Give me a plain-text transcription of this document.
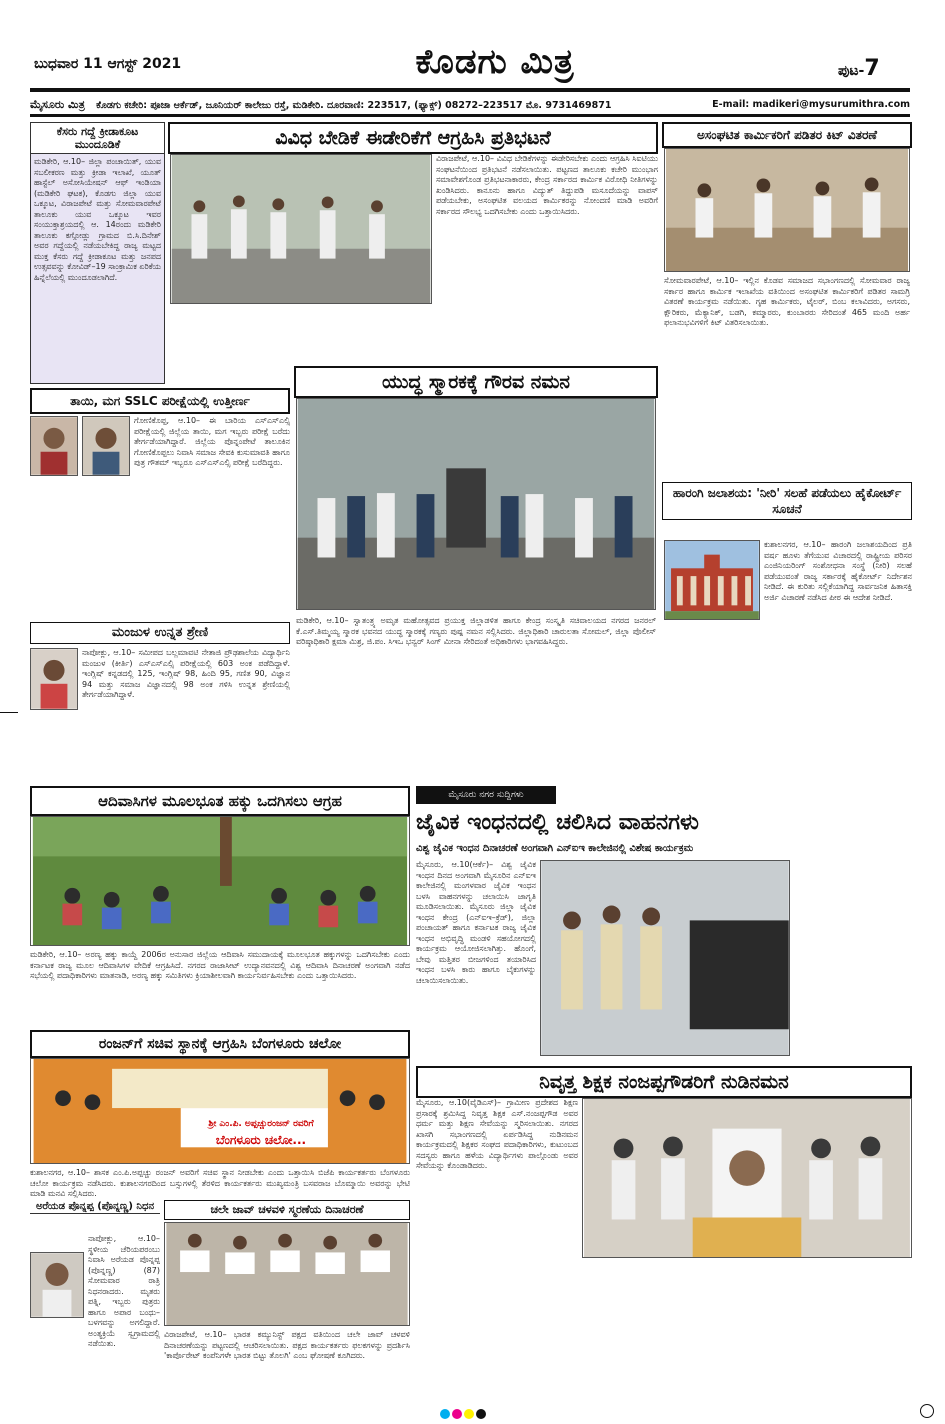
ಬುಧವಾರ 11 ಆಗಸ್ಟ್ 2021	ಕೊಡಗು ಮಿತ್ರ	ಪುಟ-7
ಮೈಸೂರು ಮಿತ್ರ ಕೊಡಗು ಕಚೇರಿ: ಪೂಜಾ ಆರ್ಕೆಡ್, ಜೂನಿಯರ್ ಕಾಲೇಜು ರಸ್ತೆ, ಮಡಿಕೇರಿ. ದೂರವಾಣಿ: 223517, (ಫ್ಯಾಕ್ಸ್) 08272–223517 ಮೊ. 9731469871	E-mail: madikeri@mysurumithra.com
ಕೆಸರು ಗದ್ದೆ ಕ್ರೀಡಾಕೂಟ ಮುಂದೂಡಿಕೆ
ಮಡಿಕೇರಿ, ಆ.10– ಜಿಲ್ಲಾ ಪಂಚಾಯಿತ್, ಯುವ ಸಬಲೀಕರಣ ಮತ್ತು ಕ್ರೀಡಾ ಇಲಾಖೆ, ಯೂತ್ ಹಾಸ್ಟೆಲ್ ಅಸೋಸಿಯೇಷನ್ ಆಫ್ ಇಂಡಿಯಾ (ಮಡಿಕೇರಿ ಘಟಕ), ಕೊಡಗು ಜಿಲ್ಲಾ ಯುವ ಒಕ್ಕೂಟ, ವಿರಾಜಪೇಟೆ ಮತ್ತು ಸೋಮವಾರಪೇಟೆ ತಾಲೂಕು ಯುವ ಒಕ್ಕೂಟ ಇವರ ಸಂಯುಕ್ತಾಶ್ರಯದಲ್ಲಿ ಆ. 14ರಂದು ಮಡಿಕೇರಿ ತಾಲೂಕು ಕಗ್ಗೋಡ್ಲು ಗ್ರಾಮದ ಬಿ.ಸಿ.ದಿನೇಶ್ ಅವರ ಗದ್ದೆಯಲ್ಲಿ ನಡೆಯಬೇಕಿದ್ದ ರಾಜ್ಯ ಮಟ್ಟದ ಮುಕ್ತ ಕೆಸರು ಗದ್ದೆ ಕ್ರೀಡಾಕೂಟ ಮತ್ತು ಜನಪದ ಉತ್ಸವವನ್ನು ಕೋವಿಡ್–19 ಸಾಂಕ್ರಾಮಿಕ ಏರಿಕೆಯ ಹಿನ್ನೆಲೆಯಲ್ಲಿ ಮುಂದೂಡಲಾಗಿದೆ.
ತಾಯಿ, ಮಗ SSLC ಪರೀಕ್ಷೆಯಲ್ಲಿ ಉತ್ತೀರ್ಣ
ಗೋಣಿಕೊಪ್ಪ, ಆ.10– ಈ ಬಾರಿಯ ಎಸ್ಎಸ್ಎಲ್ಸಿ ಪರೀಕ್ಷೆಯಲ್ಲಿ ಜಿಲ್ಲೆಯ ತಾಯಿ, ಮಗ ಇಬ್ಬರು ಪರೀಕ್ಷೆ ಬರೆದು ತೇರ್ಗಡೆಯಾಗಿದ್ದಾರೆ. ಜಿಲ್ಲೆಯ ಪೊನ್ನಂಪೇಟೆ ತಾಲೂಕಿನ ಗೋಣಿಕೊಪ್ಪಲು ನಿವಾಸಿ ಸಮಾಜ ಸೇವಕಿ ಕುಸುಮಾವತಿ ಹಾಗೂ ಪುತ್ರ ಗೌತಮ್ ಇಬ್ಬರೂ ಎಸ್ಎಸ್ಎಲ್ಸಿ ಪರೀಕ್ಷೆ ಬರೆದಿದ್ದರು.
ಮಂಜುಳ ಉನ್ನತ ಶ್ರೇಣಿ
ನಾಪೋಕ್ಲು, ಆ.10– ಸಮೀಪದ ಬಲ್ಲಮಾವಟಿ ನೇತಾಜಿ ಪ್ರೌಢಶಾಲೆಯ ವಿದ್ಯಾರ್ಥಿನಿ ಮಂಜುಳ (ಕೀರ್ತಿ) ಎಸ್ಎಸ್ಎಲ್ಸಿ ಪರೀಕ್ಷೆಯಲ್ಲಿ 603 ಅಂಕ ಪಡೆದಿದ್ದಾಳೆ. ಇಂಗ್ಲಿಷ್ ಕನ್ನಡದಲ್ಲಿ 125, ಇಂಗ್ಲಿಷ್ 98, ಹಿಂದಿ 95, ಗಣಿತ 90, ವಿಜ್ಞಾನ 94 ಮತ್ತು ಸಮಾಜ ವಿಜ್ಞಾನದಲ್ಲಿ 98 ಅಂಕ ಗಳಿಸಿ ಉನ್ನತ ಶ್ರೇಣಿಯಲ್ಲಿ ತೇರ್ಗಡೆಯಾಗಿದ್ದಾಳೆ.
ವಿವಿಧ ಬೇಡಿಕೆ ಈಡೇರಿಕೆಗೆ ಆಗ್ರಹಿಸಿ ಪ್ರತಿಭಟನೆ
ವಿರಾಜಪೇಟೆ, ಆ.10– ವಿವಿಧ ಬೇಡಿಕೆಗಳನ್ನು ಈಡೇರಿಸಬೇಕು ಎಂದು ಆಗ್ರಹಿಸಿ ಸಿಐಟಿಯು ಸಂಘಟನೆಯಿಂದ ಪ್ರತಿಭಟನೆ ನಡೆಸಲಾಯಿತು. ಪಟ್ಟಣದ ತಾಲೂಕು ಕಚೇರಿ ಮುಂಭಾಗ ಸಮಾವೇಶಗೊಂಡ ಪ್ರತಿಭಟನಾಕಾರರು, ಕೇಂದ್ರ ಸರ್ಕಾರದ ಕಾರ್ಮಿಕ ವಿರೋಧಿ ನೀತಿಗಳನ್ನು ಖಂಡಿಸಿದರು. ಕಾನೂನು ಹಾಗೂ ವಿದ್ಯುತ್ ತಿದ್ದುಪಡಿ ಮಸೂದೆಯನ್ನು ವಾಪಸ್ ಪಡೆಯಬೇಕು, ಅಸಂಘಟಿತ ವಲಯದ ಕಾರ್ಮಿಕರನ್ನು ನೋಂದಣಿ ಮಾಡಿ ಅವರಿಗೆ ಸರ್ಕಾರದ ಸೌಲಭ್ಯ ಒದಗಿಸಬೇಕು ಎಂದು ಒತ್ತಾಯಿಸಿದರು.
ಅಸಂಘಟಿತ ಕಾರ್ಮಿಕರಿಗೆ ಪಡಿತರ ಕಿಟ್ ವಿತರಣೆ
ಸೋಮವಾರಪೇಟೆ, ಆ.10– ಇಲ್ಲಿನ ಕೊಡವ ಸಮಾಜದ ಸಭಾಂಗಣದಲ್ಲಿ ಸೋಮವಾರ ರಾಜ್ಯ ಸರ್ಕಾರ ಹಾಗೂ ಕಾರ್ಮಿಕ ಇಲಾಖೆಯ ವತಿಯಿಂದ ಅಸಂಘಟಿತ ಕಾರ್ಮಿಕರಿಗೆ ಪಡಿತರ ಸಾಮಗ್ರಿ ವಿತರಣೆ ಕಾರ್ಯಕ್ರಮ ನಡೆಯಿತು. ಗೃಹ ಕಾರ್ಮಿಕರು, ಟೈಲರ್, ಬಿಂಬ ಕಲಾವಿದರು, ಅಗಸರು, ಕ್ಷೌರಿಕರು, ಮೆಕ್ಯಾನಿಕ್, ಬಡಗಿ, ಕಮ್ಮಾರರು, ಕುಂಬಾರರು ಸೇರಿದಂತೆ 465 ಮಂದಿ ಅರ್ಹ ಫಲಾನುಭವಿಗಳಿಗೆ ಕಿಟ್ ವಿತರಿಸಲಾಯಿತು.
ಯುದ್ಧ ಸ್ಮಾರಕಕ್ಕೆ ಗೌರವ ನಮನ
ಮಡಿಕೇರಿ, ಆ.10– ಸ್ವಾತಂತ್ರ್ಯ ಅಮೃತ ಮಹೋತ್ಸವದ ಪ್ರಯುಕ್ತ ಜಿಲ್ಲಾಡಳಿತ ಹಾಗೂ ಕೇಂದ್ರ ಸಂಸ್ಕೃತಿ ಸಚಿವಾಲಯದ ನಗರದ ಜನರಲ್ ಕೆ.ಎಸ್.ತಿಮ್ಮಯ್ಯ ಸ್ಮಾರಕ ಭವನದ ಯುದ್ಧ ಸ್ಮಾರಕಕ್ಕೆ ಗಣ್ಯರು ಪುಷ್ಪ ನಮನ ಸಲ್ಲಿಸಿದರು. ಜಿಲ್ಲಾಧಿಕಾರಿ ಚಾರುಲತಾ ಸೋಮಲ್, ಜಿಲ್ಲಾ ಪೊಲೀಸ್ ವರಿಷ್ಠಾಧಿಕಾರಿ ಕ್ಷಮಾ ಮಿಶ್ರ, ಜಿ.ಪಂ. ಸಿಇಒ ಭನ್ವರ್ ಸಿಂಗ್ ಮೀನಾ ಸೇರಿದಂತೆ ಅಧಿಕಾರಿಗಳು ಭಾಗವಹಿಸಿದ್ದರು.
ಹಾರಂಗಿ ಜಲಾಶಯ: 'ನೀರಿ' ಸಲಹೆ ಪಡೆಯಲು ಹೈಕೋರ್ಟ್ ಸೂಚನೆ
ಕುಶಾಲನಗರ, ಆ.10– ಹಾರಂಗಿ ಜಲಾಶಯದಿಂದ ಪ್ರತಿ ವರ್ಷ ಹೂಳು ತೆಗೆಯುವ ವಿಚಾರದಲ್ಲಿ ರಾಷ್ಟ್ರೀಯ ಪರಿಸರ ಎಂಜಿನಿಯರಿಂಗ್ ಸಂಶೋಧನಾ ಸಂಸ್ಥೆ (ನೀರಿ) ಸಲಹೆ ಪಡೆಯುವಂತೆ ರಾಜ್ಯ ಸರ್ಕಾರಕ್ಕೆ ಹೈಕೋರ್ಟ್ ನಿರ್ದೇಶನ ನೀಡಿದೆ. ಈ ಕುರಿತು ಸಲ್ಲಿಕೆಯಾಗಿದ್ದ ಸಾರ್ವಜನಿಕ ಹಿತಾಸಕ್ತಿ ಅರ್ಜಿ ವಿಚಾರಣೆ ನಡೆಸಿದ ಪೀಠ ಈ ಆದೇಶ ನೀಡಿದೆ.
ಆದಿವಾಸಿಗಳ ಮೂಲಭೂತ ಹಕ್ಕು ಒದಗಿಸಲು ಆಗ್ರಹ
ಮಡಿಕೇರಿ, ಆ.10– ಅರಣ್ಯ ಹಕ್ಕು ಕಾಯ್ದೆ 2006ರ ಅನುಸಾರ ಜಿಲ್ಲೆಯ ಆದಿವಾಸಿ ಸಮುದಾಯಕ್ಕೆ ಮೂಲಭೂತ ಹಕ್ಕುಗಳನ್ನು ಒದಗಿಸಬೇಕು ಎಂದು ಕರ್ನಾಟಕ ರಾಜ್ಯ ಮೂಲ ಆದಿವಾಸಿಗಳ ವೇದಿಕೆ ಆಗ್ರಹಿಸಿದೆ. ನಗರದ ರಾಜಾಸೀಟ್ ಉದ್ಯಾನವನದಲ್ಲಿ ವಿಶ್ವ ಆದಿವಾಸಿ ದಿನಾಚರಣೆ ಅಂಗವಾಗಿ ನಡೆದ ಸಭೆಯಲ್ಲಿ ಪದಾಧಿಕಾರಿಗಳು ಮಾತನಾಡಿ, ಅರಣ್ಯ ಹಕ್ಕು ಸಮಿತಿಗಳು ಕ್ರಿಯಾಶೀಲವಾಗಿ ಕಾರ್ಯನಿರ್ವಹಿಸಬೇಕು ಎಂದು ಒತ್ತಾಯಿಸಿದರು.
ರಂಜನ್‌ಗೆ ಸಚಿವ ಸ್ಥಾನಕ್ಕೆ ಆಗ್ರಹಿಸಿ ಬೆಂಗಳೂರು ಚಲೋ
ಶ್ರೀ ಎಂ.ಪಿ. ಅಪ್ಪಚ್ಚುರಂಜನ್ ರವರಿಗೆ
ಬೆಂಗಳೂರು ಚಲೋ...
ಕುಶಾಲನಗರ, ಆ.10– ಶಾಸಕ ಎಂ.ಪಿ.ಅಪ್ಪಚ್ಚು ರಂಜನ್ ಅವರಿಗೆ ಸಚಿವ ಸ್ಥಾನ ನೀಡಬೇಕು ಎಂದು ಒತ್ತಾಯಿಸಿ ಬಿಜೆಪಿ ಕಾರ್ಯಕರ್ತರು ಬೆಂಗಳೂರು ಚಲೋ ಕಾರ್ಯಕ್ರಮ ನಡೆಸಿದರು. ಕುಶಾಲನಗರದಿಂದ ಬಸ್ಸುಗಳಲ್ಲಿ ತೆರಳಿದ ಕಾರ್ಯಕರ್ತರು ಮುಖ್ಯಮಂತ್ರಿ ಬಸವರಾಜ ಬೊಮ್ಮಾಯಿ ಅವರನ್ನು ಭೇಟಿ ಮಾಡಿ ಮನವಿ ಸಲ್ಲಿಸಿದರು.
ಅರೆಯಡ ಪೊನ್ನಪ್ಪ (ಪೊನ್ನಣ್ಣ) ನಿಧನ
ನಾಪೋಕ್ಲು, ಆ.10– ಸ್ಥಳೀಯ ಚೆರಿಯಪರಂಬು ನಿವಾಸಿ ಅರೆಯಡ ಪೊನ್ನಪ್ಪ (ಪೊನ್ನಣ್ಣ) (87) ಸೋಮವಾರ ರಾತ್ರಿ ನಿಧನರಾದರು. ಮೃತರು ಪತ್ನಿ, ಇಬ್ಬರು ಪುತ್ರರು ಹಾಗೂ ಅಪಾರ ಬಂಧು–ಬಳಗವನ್ನು ಅಗಲಿದ್ದಾರೆ. ಅಂತ್ಯಕ್ರಿಯೆ ಸ್ವಗ್ರಾಮದಲ್ಲಿ ನಡೆಯಿತು.
ಚಲೇ ಜಾವ್ ಚಳವಳಿ ಸ್ಮರಣೆಯ ದಿನಾಚರಣೆ
ವಿರಾಜಪೇಟೆ, ಆ.10– ಭಾರತ ಕಮ್ಯುನಿಸ್ಟ್ ಪಕ್ಷದ ವತಿಯಿಂದ ಚಲೇ ಜಾವ್ ಚಳವಳಿ ದಿನಾಚರಣೆಯನ್ನು ಪಟ್ಟಣದಲ್ಲಿ ಆಚರಿಸಲಾಯಿತು. ಪಕ್ಷದ ಕಾರ್ಯಕರ್ತರು ಫಲಕಗಳನ್ನು ಪ್ರದರ್ಶಿಸಿ 'ಕಾರ್ಪೊರೇಟ್ ಕಂಪೆನಿಗಳೇ ಭಾರತ ಬಿಟ್ಟು ತೊಲಗಿ' ಎಂಬ ಘೋಷಣೆ ಕೂಗಿದರು.
ಮೈಸೂರು ನಗರ ಸುದ್ದಿಗಳು
ಜೈವಿಕ ಇಂಧನದಲ್ಲಿ ಚಲಿಸಿದ ವಾಹನಗಳು
ವಿಶ್ವ ಜೈವಿಕ ಇಂಧನ ದಿನಾಚರಣೆ ಅಂಗವಾಗಿ ಎನ್ಐಇ ಕಾಲೇಜಿನಲ್ಲಿ ವಿಶೇಷ ಕಾರ್ಯಕ್ರಮ
ಮೈಸೂರು, ಆ.10(ಆರ್ಕೆ)– ವಿಶ್ವ ಜೈವಿಕ ಇಂಧನ ದಿನದ ಅಂಗವಾಗಿ ಮೈಸೂರಿನ ಎನ್ಐಇ ಕಾಲೇಜಿನಲ್ಲಿ ಮಂಗಳವಾರ ಜೈವಿಕ ಇಂಧನ ಬಳಸಿ ವಾಹನಗಳನ್ನು ಚಲಾಯಿಸಿ ಜಾಗೃತಿ ಮೂಡಿಸಲಾಯಿತು. ಮೈಸೂರು ಜಿಲ್ಲಾ ಜೈವಿಕ ಇಂಧನ ಕೇಂದ್ರ (ಎನ್ಐಇ–ಕ್ರೆಡ್), ಜಿಲ್ಲಾ ಪಂಚಾಯತ್ ಹಾಗೂ ಕರ್ನಾಟಕ ರಾಜ್ಯ ಜೈವಿಕ ಇಂಧನ ಅಭಿವೃದ್ಧಿ ಮಂಡಳಿ ಸಹಯೋಗದಲ್ಲಿ ಕಾರ್ಯಕ್ರಮ ಆಯೋಜಿಸಲಾಗಿತ್ತು. ಹೊಂಗೆ, ಬೇವು ಮತ್ತಿತರ ಬೀಜಗಳಿಂದ ತಯಾರಿಸಿದ ಇಂಧನ ಬಳಸಿ ಕಾರು ಹಾಗೂ ಬೈಕುಗಳನ್ನು ಚಲಾಯಿಸಲಾಯಿತು.
ನಿವೃತ್ತ ಶಿಕ್ಷಕ ನಂಜಪ್ಪಗೌಡರಿಗೆ ನುಡಿನಮನ
ಮೈಸೂರು, ಆ.10(ವೈಡಿಎಸ್)– ಗ್ರಾಮೀಣ ಪ್ರದೇಶದ ಶಿಕ್ಷಣ ಪ್ರಸಾರಕ್ಕೆ ಶ್ರಮಿಸಿದ್ದ ನಿವೃತ್ತ ಶಿಕ್ಷಕ ಎಸ್.ನಂಜಪ್ಪಗೌಡ ಅವರ ಧರ್ಮ ಮತ್ತು ಶಿಕ್ಷಣ ಸೇವೆಯನ್ನು ಸ್ಮರಿಸಲಾಯಿತು. ನಗರದ ಖಾಸಗಿ ಸಭಾಂಗಣದಲ್ಲಿ ಏರ್ಪಡಿಸಿದ್ದ ನುಡಿನಮನ ಕಾರ್ಯಕ್ರಮದಲ್ಲಿ ಶಿಕ್ಷಕರ ಸಂಘದ ಪದಾಧಿಕಾರಿಗಳು, ಕುಟುಂಬದ ಸದಸ್ಯರು ಹಾಗೂ ಹಳೆಯ ವಿದ್ಯಾರ್ಥಿಗಳು ಪಾಲ್ಗೊಂಡು ಅವರ ಸೇವೆಯನ್ನು ಕೊಂಡಾಡಿದರು.
